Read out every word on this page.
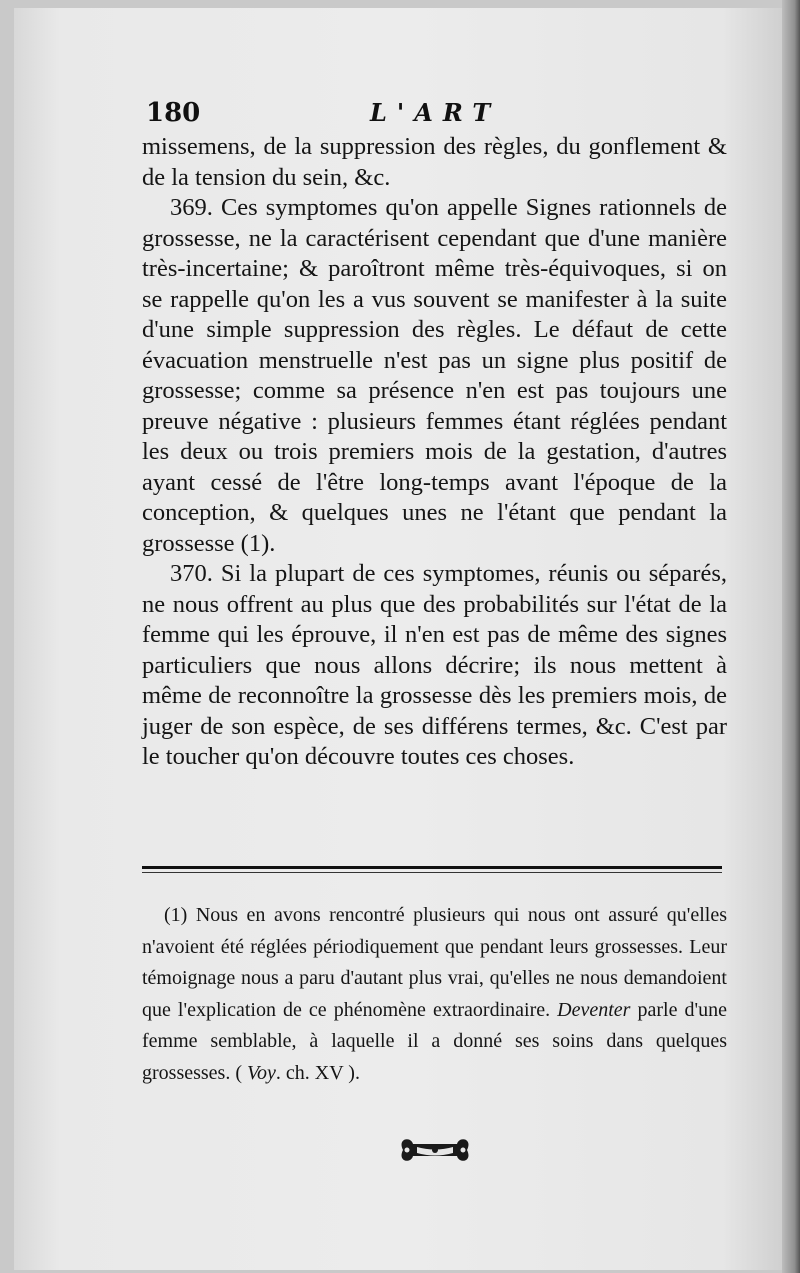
180	L'ART

missemens, de la suppression des règles, du gonflement & de la tension du sein, &c.

369. Ces symptomes qu'on appelle Signes rationnels de grossesse, ne la caractérisent cependant que d'une manière très-incertaine; & paroîtront même très-équivoques, si on se rappelle qu'on les a vus souvent se manifester à la suite d'une simple suppression des règles. Le défaut de cette évacuation menstruelle n'est pas un signe plus positif de grossesse; comme sa présence n'en est pas toujours une preuve négative : plusieurs femmes étant réglées pendant les deux ou trois premiers mois de la gestation, d'autres ayant cessé de l'être long-temps avant l'époque de la conception, & quelques unes ne l'étant que pendant la grossesse (1).

370. Si la plupart de ces symptomes, réunis ou séparés, ne nous offrent au plus que des probabilités sur l'état de la femme qui les éprouve, il n'en est pas de même des signes particuliers que nous allons décrire; ils nous mettent à même de reconnoître la grossesse dès les premiers mois, de juger de son espèce, de ses différens termes, &c. C'est par le toucher qu'on découvre toutes ces choses.

(1) Nous en avons rencontré plusieurs qui nous ont assuré qu'elles n'avoient été réglées périodiquement que pendant leurs grossesses. Leur témoignage nous a paru d'autant plus vrai, qu'elles ne nous demandoient que l'explication de ce phénomène extraordinaire. Deventer parle d'une femme semblable, à laquelle il a donné ses soins dans quelques grossesses. ( Voy. ch. XV ).
